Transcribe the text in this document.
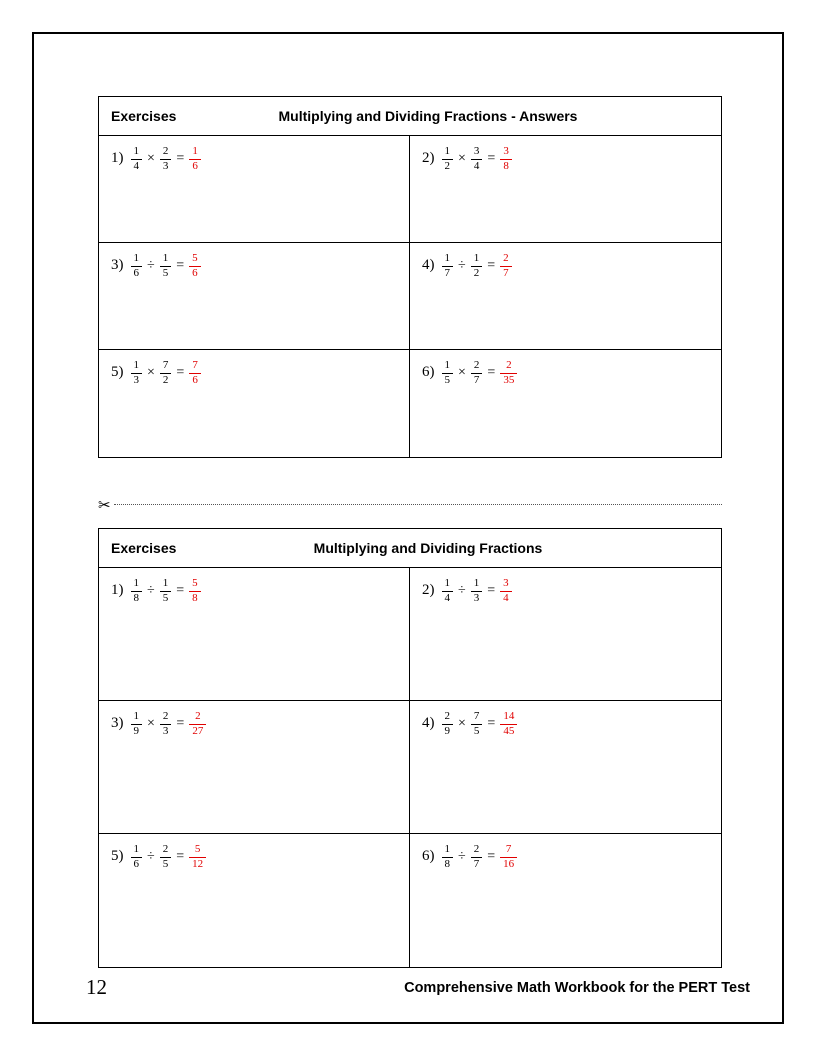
Exercises	Multiplying and Dividing Fractions - Answers
$1) \frac{1}{4} \times \frac{2}{3} = \frac{1}{6}$	$2) \frac{1}{2} \times \frac{3}{4} = \frac{3}{8}$
$3) \frac{1}{6} \div \frac{1}{5} = \frac{5}{6}$	$4) \frac{1}{7} \div \frac{1}{2} = \frac{2}{7}$
$5) \frac{1}{3} \times \frac{7}{2} = \frac{7}{6}$	$6) \frac{1}{5} \times \frac{2}{7} = \frac{2}{35}$
✂
Exercises	Multiplying and Dividing Fractions
$1) \frac{1}{8} \div \frac{1}{5} = \frac{5}{8}$	$2) \frac{1}{4} \div \frac{1}{3} = \frac{3}{4}$
$3) \frac{1}{9} \times \frac{2}{3} = \frac{2}{27}$	$4) \frac{2}{9} \times \frac{7}{5} = \frac{14}{45}$
$5) \frac{1}{6} \div \frac{2}{5} = \frac{5}{12}$	$6) \frac{1}{8} \div \frac{2}{7} = \frac{7}{16}$
12	Comprehensive Math Workbook for the PERT Test
